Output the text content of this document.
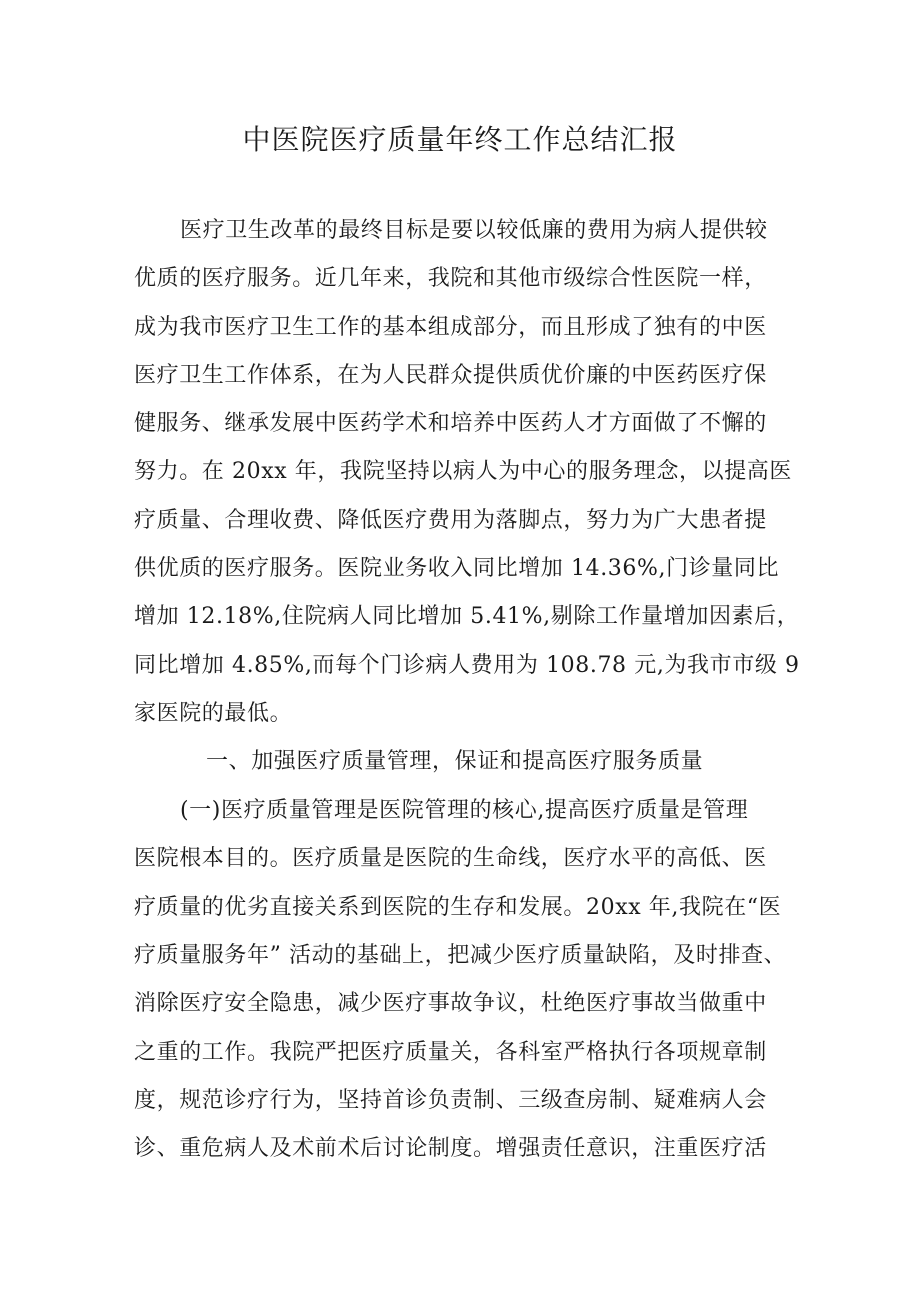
中医院医疗质量年终工作总结汇报
医疗卫生改革的最终目标是要以较低廉的费用为病人提供较
优质的医疗服务。近几年来，我院和其他市级综合性医院一样，
成为我市医疗卫生工作的基本组成部分，而且形成了独有的中医
医疗卫生工作体系，在为人民群众提供质优价廉的中医药医疗保
健服务、继承发展中医药学术和培养中医药人才方面做了不懈的
努力。在 20xx 年，我院坚持以病人为中心的服务理念，以提高医
疗质量、合理收费、降低医疗费用为落脚点，努力为广大患者提
供优质的医疗服务。医院业务收入同比增加 14.36%,门诊量同比
增加 12.18%,住院病人同比增加 5.41%,剔除工作量增加因素后，
同比增加 4.85%,而每个门诊病人费用为 108.78 元,为我市市级 9
家医院的最低。
一、加强医疗质量管理，保证和提高医疗服务质量
(一)医疗质量管理是医院管理的核心,提高医疗质量是管理
医院根本目的。医疗质量是医院的生命线，医疗水平的高低、医
疗质量的优劣直接关系到医院的生存和发展。20xx 年,我院在“医
疗质量服务年” 活动的基础上，把减少医疗质量缺陷，及时排查、
消除医疗安全隐患，减少医疗事故争议，杜绝医疗事故当做重中
之重的工作。我院严把医疗质量关，各科室严格执行各项规章制
度，规范诊疗行为，坚持首诊负责制、三级查房制、疑难病人会
诊、重危病人及术前术后讨论制度。增强责任意识，注重医疗活
